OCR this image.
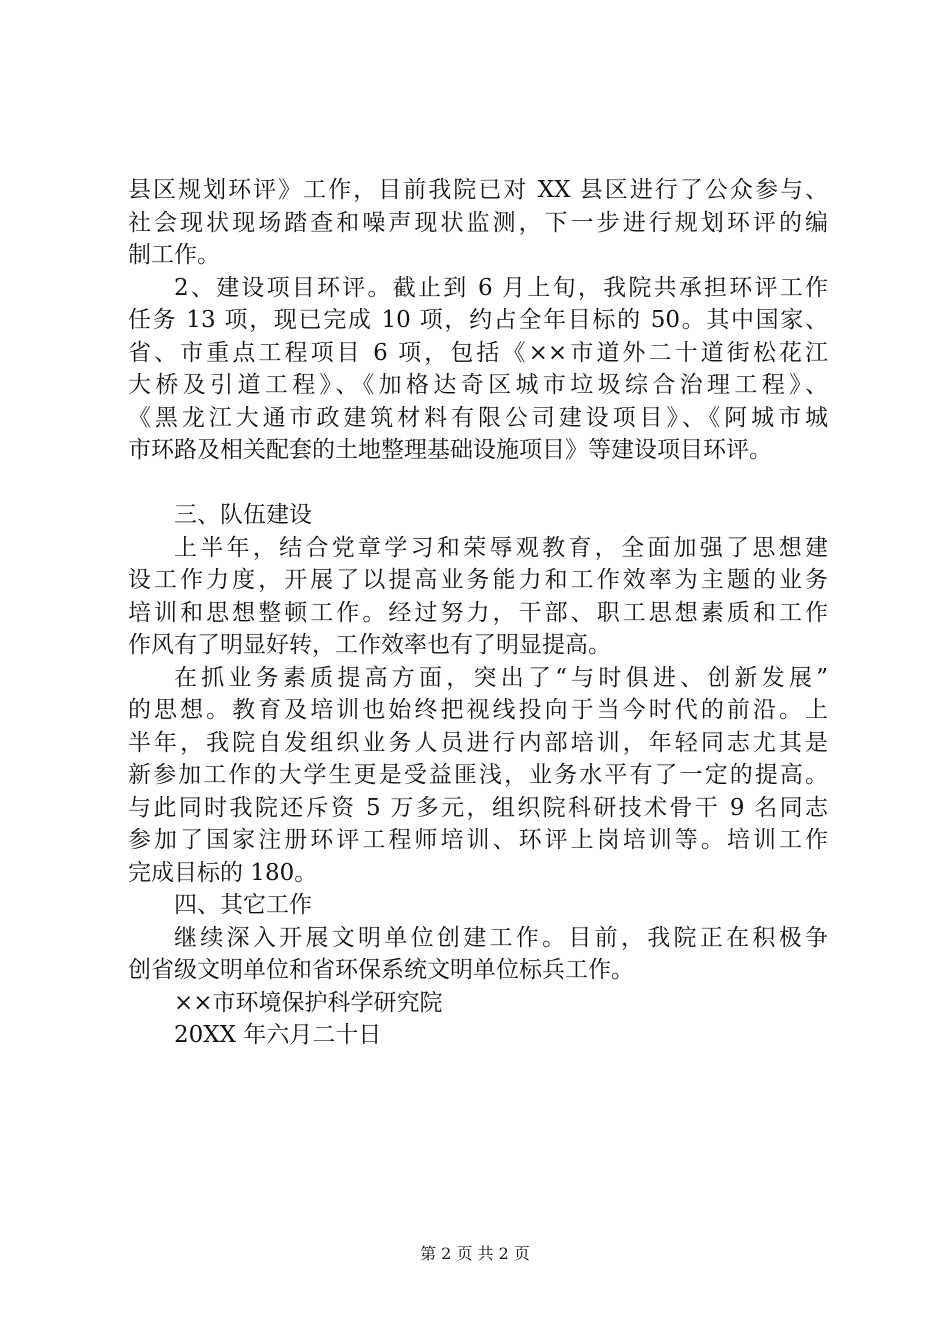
县区规划环评》工作，目前我院已对 XX 县区进行了公众参与、
社会现状现场踏查和噪声现状监测，下一步进行规划环评的编
制工作。
2、建设项目环评。截止到 6 月上旬，我院共承担环评工作
任务 13 项，现已完成 10 项，约占全年目标的 50。其中国家、
省、市重点工程项目 6 项，包括《××市道外二十道街松花江
大桥及引道工程》、《加格达奇区城市垃圾综合治理工程》、
《黑龙江大通市政建筑材料有限公司建设项目》、《阿城市城
市环路及相关配套的土地整理基础设施项目》等建设项目环评。
三、队伍建设
上半年，结合党章学习和荣辱观教育，全面加强了思想建
设工作力度，开展了以提高业务能力和工作效率为主题的业务
培训和思想整顿工作。经过努力，干部、职工思想素质和工作
作风有了明显好转，工作效率也有了明显提高。
在抓业务素质提高方面，突出了“与时俱进、创新发展”
的思想。教育及培训也始终把视线投向于当今时代的前沿。上
半年，我院自发组织业务人员进行内部培训，年轻同志尤其是
新参加工作的大学生更是受益匪浅，业务水平有了一定的提高。
与此同时我院还斥资 5 万多元，组织院科研技术骨干 9 名同志
参加了国家注册环评工程师培训、环评上岗培训等。培训工作
完成目标的 180。
四、其它工作
继续深入开展文明单位创建工作。目前，我院正在积极争
创省级文明单位和省环保系统文明单位标兵工作。
××市环境保护科学研究院
20XX 年六月二十日
第 2 页 共 2 页
